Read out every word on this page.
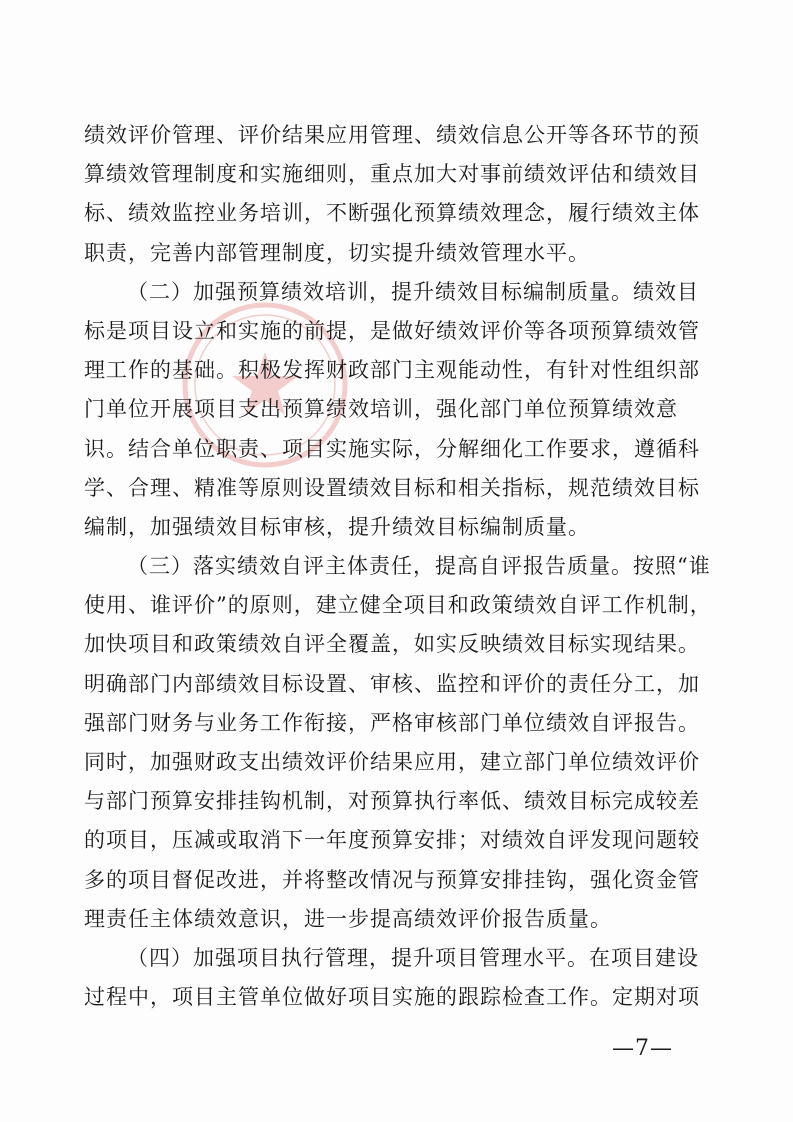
绩效评价管理、评价结果应用管理、绩效信息公开等各环节的预
算绩效管理制度和实施细则，重点加大对事前绩效评估和绩效目
标、绩效监控业务培训，不断强化预算绩效理念，履行绩效主体
职责，完善内部管理制度，切实提升绩效管理水平。
（二）加强预算绩效培训，提升绩效目标编制质量。绩效目
标是项目设立和实施的前提，是做好绩效评价等各项预算绩效管
理工作的基础。积极发挥财政部门主观能动性，有针对性组织部
门单位开展项目支出预算绩效培训，强化部门单位预算绩效意
识。结合单位职责、项目实施实际，分解细化工作要求，遵循科
学、合理、精准等原则设置绩效目标和相关指标，规范绩效目标
编制，加强绩效目标审核，提升绩效目标编制质量。
（三）落实绩效自评主体责任，提高自评报告质量。按照“谁
使用、谁评价”的原则，建立健全项目和政策绩效自评工作机制，
加快项目和政策绩效自评全覆盖，如实反映绩效目标实现结果。
明确部门内部绩效目标设置、审核、监控和评价的责任分工，加
强部门财务与业务工作衔接，严格审核部门单位绩效自评报告。
同时，加强财政支出绩效评价结果应用，建立部门单位绩效评价
与部门预算安排挂钩机制，对预算执行率低、绩效目标完成较差
的项目，压减或取消下一年度预算安排；对绩效自评发现问题较
多的项目督促改进，并将整改情况与预算安排挂钩，强化资金管
理责任主体绩效意识，进一步提高绩效评价报告质量。
（四）加强项目执行管理，提升项目管理水平。在项目建设
过程中，项目主管单位做好项目实施的跟踪检查工作。定期对项
—7—
